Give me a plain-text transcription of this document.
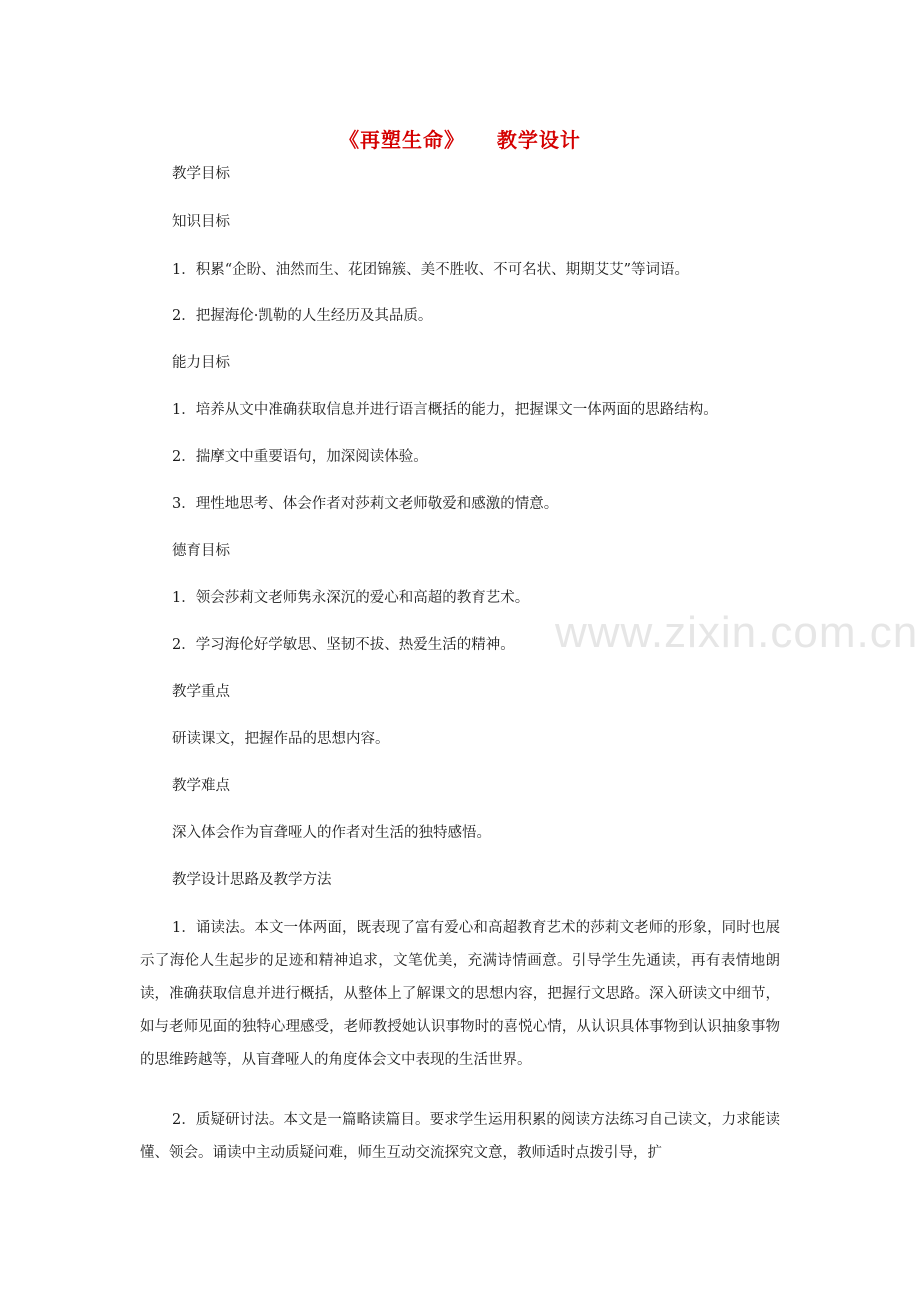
www.zixin.com.cn
《再塑生命》    教学设计
教学目标
知识目标
1．积累“企盼、油然而生、花团锦簇、美不胜收、不可名状、期期艾艾”等词语。
2．把握海伦·凯勒的人生经历及其品质。
能力目标
1．培养从文中准确获取信息并进行语言概括的能力，把握课文一体两面的思路结构。
2．揣摩文中重要语句，加深阅读体验。
3．理性地思考、体会作者对莎莉文老师敬爱和感激的情意。
德育目标
1．领会莎莉文老师隽永深沉的爱心和高超的教育艺术。
2．学习海伦好学敏思、坚韧不拔、热爱生活的精神。
教学重点
研读课文，把握作品的思想内容。
教学难点
深入体会作为盲聋哑人的作者对生活的独特感悟。
教学设计思路及教学方法
1．诵读法。本文一体两面，既表现了富有爱心和高超教育艺术的莎莉文老师的形象，同时也展示了海伦人生起步的足迹和精神追求，文笔优美，充满诗情画意。引导学生先通读，再有表情地朗读，准确获取信息并进行概括，从整体上了解课文的思想内容，把握行文思路。深入研读文中细节，如与老师见面的独特心理感受，老师教授她认识事物时的喜悦心情，从认识具体事物到认识抽象事物的思维跨越等，从盲聋哑人的角度体会文中表现的生活世界。
2．质疑研讨法。本文是一篇略读篇目。要求学生运用积累的阅读方法练习自己读文，力求能读懂、领会。诵读中主动质疑问难，师生互动交流探究文意，教师适时点拨引导，扩
